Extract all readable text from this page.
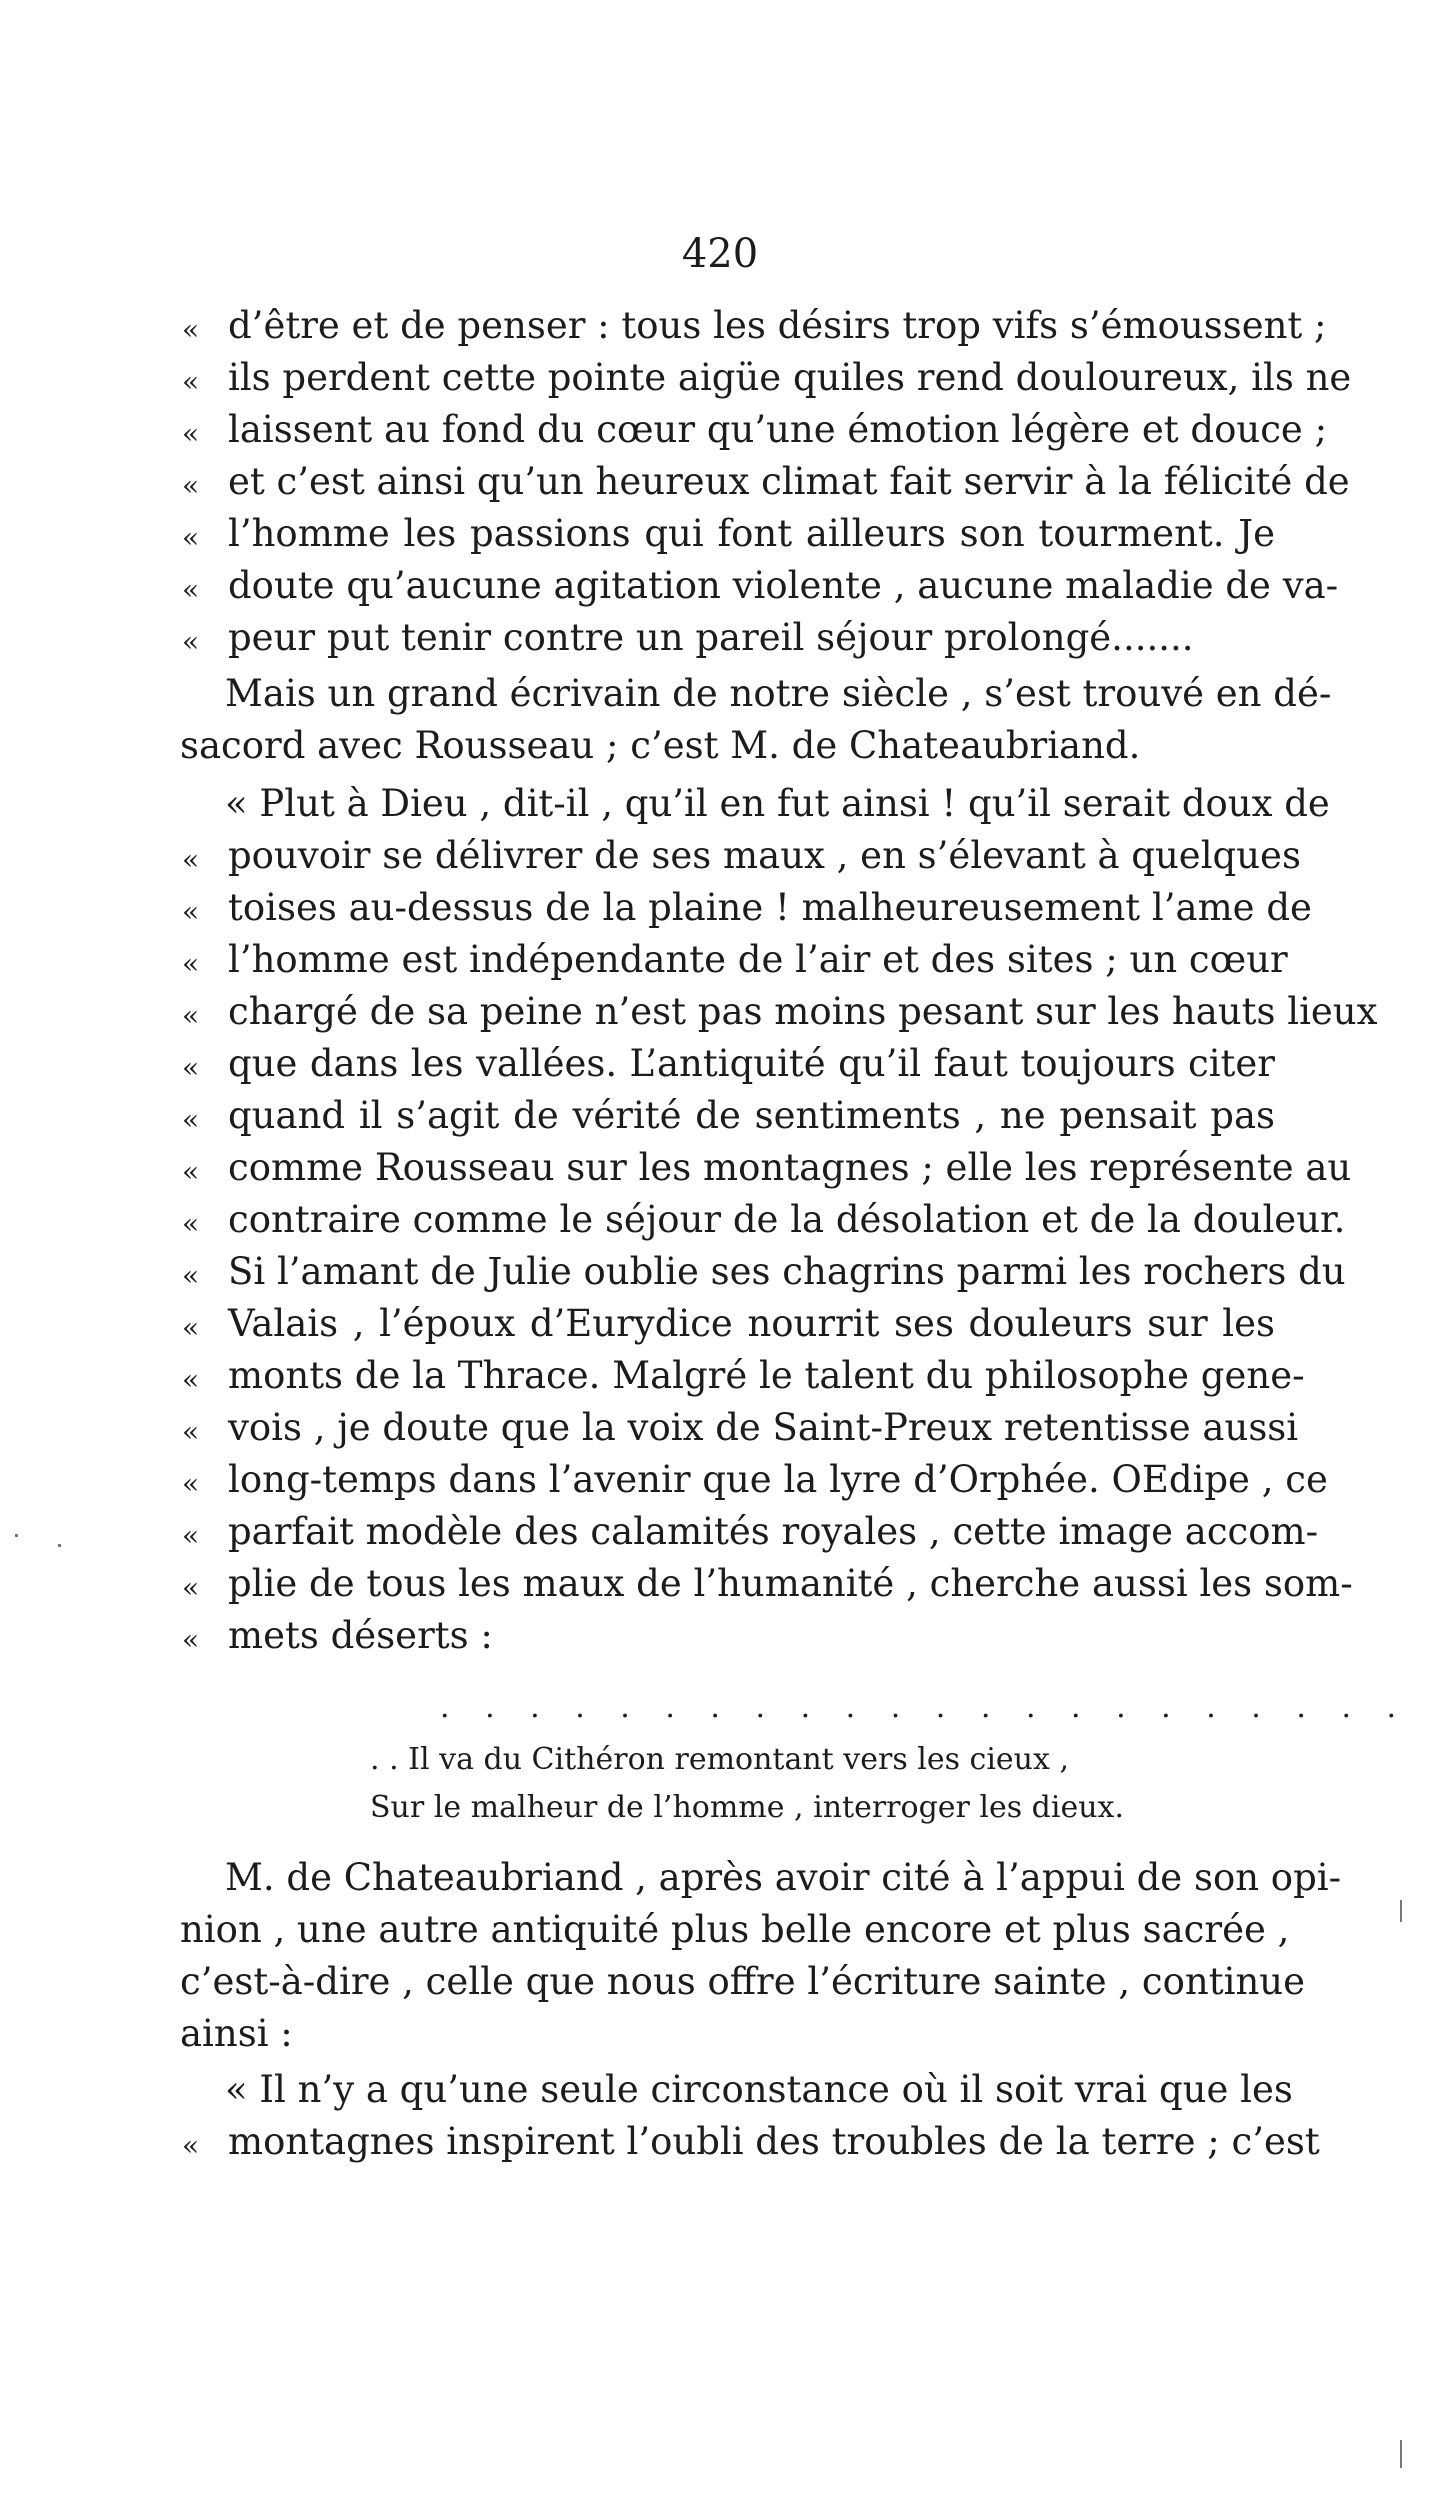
420
« d’être et de penser : tous les désirs trop vifs s’émoussent ;
« ils perdent cette pointe aigüe quiles rend douloureux, ils ne
« laissent au fond du cœur qu’une émotion légère et douce ;
« et c’est ainsi qu’un heureux climat fait servir à la félicité de
« l’homme les passions qui font ailleurs son tourment. Je
« doute qu’aucune agitation violente , aucune maladie de va-
« peur put tenir contre un pareil séjour prolongé.......
Mais un grand écrivain de notre siècle , s’est trouvé en dé-
sacord avec Rousseau ; c’est M. de Chateaubriand.
« Plut à Dieu , dit-il , qu’il en fut ainsi ! qu’il serait doux de
« pouvoir se délivrer de ses maux , en s’élevant à quelques
« toises au-dessus de la plaine ! malheureusement l’ame de
« l’homme est indépendante de l’air et des sites ; un cœur
« chargé de sa peine n’est pas moins pesant sur les hauts lieux
« que dans les vallées. L’antiquité qu’il faut toujours citer
« quand il s’agit de vérité de sentiments , ne pensait pas
« comme Rousseau sur les montagnes ; elle les représente au
« contraire comme le séjour de la désolation et de la douleur.
« Si l’amant de Julie oublie ses chagrins parmi les rochers du
« Valais , l’époux d’Eurydice nourrit ses douleurs sur les
« monts de la Thrace. Malgré le talent du philosophe gene-
« vois , je doute que la voix de Saint-Preux retentisse aussi
« long-temps dans l’avenir que la lyre d’Orphée. OEdipe , ce
« parfait modèle des calamités royales , cette image accom-
« plie de tous les maux de l’humanité , cherche aussi les som-
« mets déserts :
. . . . . . . . . . . . . . . . . . . . . .
. . Il va du Cithéron remontant vers les cieux ,
Sur le malheur de l’homme , interroger les dieux.
M. de Chateaubriand , après avoir cité à l’appui de son opi-
nion , une autre antiquité plus belle encore et plus sacrée ,
c’est-à-dire , celle que nous offre l’écriture sainte , continue
ainsi :
« Il n’y a qu’une seule circonstance où il soit vrai que les
« montagnes inspirent l’oubli des troubles de la terre ; c’est
